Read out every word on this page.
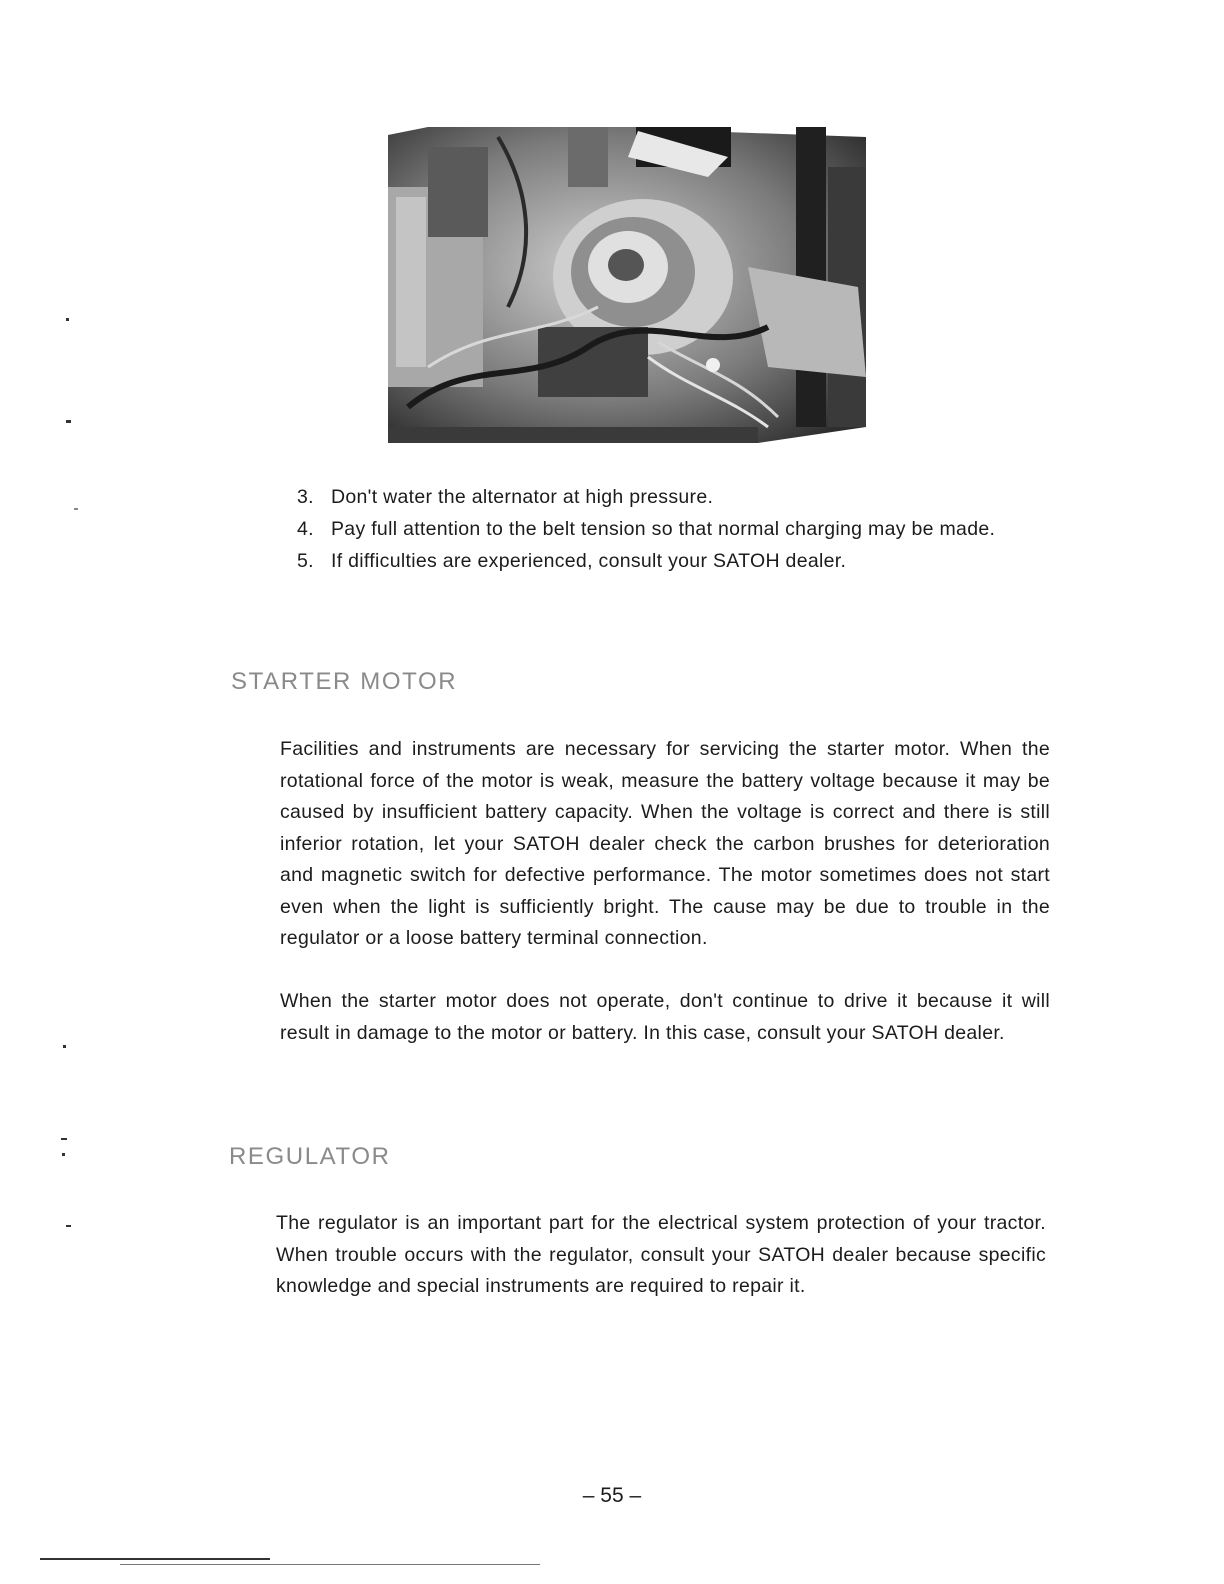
3. Don't water the alternator at high pressure.
4. Pay full attention to the belt tension so that normal charging may be made.
5. If difficulties are experienced, consult your SATOH dealer.
STARTER MOTOR

Facilities and instruments are necessary for servicing the starter motor. When the rotational force of the motor is weak, measure the battery voltage because it may be caused by insufficient battery capacity. When the voltage is correct and there is still inferior rotation, let your SATOH dealer check the carbon brushes for deterioration and magnetic switch for defective performance. The motor sometimes does not start even when the light is sufficiently bright. The cause may be due to trouble in the regulator or a loose battery terminal connection.

When the starter motor does not operate, don't continue to drive it because it will result in damage to the motor or battery. In this case, consult your SATOH dealer.

REGULATOR

The regulator is an important part for the electrical system protection of your tractor. When trouble occurs with the regulator, consult your SATOH dealer because specific knowledge and special instruments are required to repair it.

– 55 –
